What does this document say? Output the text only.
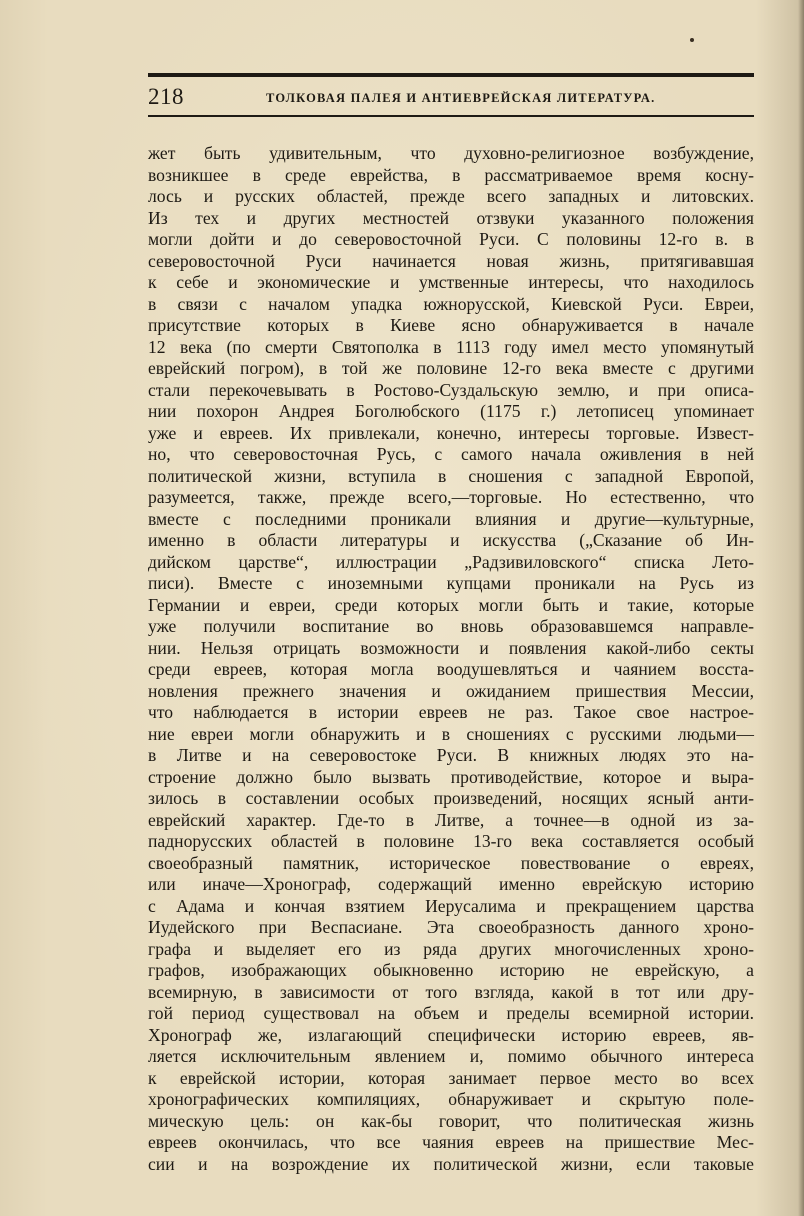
218	ТОЛКОВАЯ ПАЛЕЯ И АНТИЕВРЕЙСКАЯ ЛИТЕРАТУРА.
жет быть удивительным, что духовно-религиозное возбуждение,
возникшее в среде еврейства, в рассматриваемое время косну-
лось и русских областей, прежде всего западных и литовских.
Из тех и других местностей отзвуки указанного положения
могли дойти и до северовосточной Руси. С половины 12-го в. в
северовосточной Руси начинается новая жизнь, притягивавшая
к себе и экономические и умственные интересы, что находилось
в связи с началом упадка южнорусской, Киевской Руси. Евреи,
присутствие которых в Киеве ясно обнаруживается в начале
12 века (по смерти Святополка в 1113 году имел место упомянутый
еврейский погром), в той же половине 12-го века вместе с другими
стали перекочевывать в Ростово-Суздальскую землю, и при описа-
нии похорон Андрея Боголюбского (1175 г.) летописец упоминает
уже и евреев. Их привлекали, конечно, интересы торговые. Извест-
но, что северовосточная Русь, с самого начала оживления в ней
политической жизни, вступила в сношения с западной Европой,
разумеется, также, прежде всего,—торговые. Но естественно, что
вместе с последними проникали влияния и другие—культурные,
именно в области литературы и искусства („Сказание об Ин-
дийском царстве“, иллюстрации „Радзивиловского“ списка Лето-
писи). Вместе с иноземными купцами проникали на Русь из
Германии и евреи, среди которых могли быть и такие, которые
уже получили воспитание во вновь образовавшемся направле-
нии. Нельзя отрицать возможности и появления какой-либо секты
среди евреев, которая могла воодушевляться и чаянием восста-
новления прежнего значения и ожиданием пришествия Мессии,
что наблюдается в истории евреев не раз. Такое свое настрое-
ние евреи могли обнаружить и в сношениях с русскими людьми—
в Литве и на северовостоке Руси. В книжных людях это на-
строение должно было вызвать противодействие, которое и выра-
зилось в составлении особых произведений, носящих ясный анти-
еврейский характер. Где-то в Литве, а точнее—в одной из за-
паднорусских областей в половине 13-го века составляется особый
своеобразный памятник, историческое повествование о евреях,
или иначе—Хронограф, содержащий именно еврейскую историю
с Адама и кончая взятием Иерусалима и прекращением царства
Иудейского при Веспасиане. Эта своеобразность данного хроно-
графа и выделяет его из ряда других многочисленных хроно-
графов, изображающих обыкновенно историю не еврейскую, а
всемирную, в зависимости от того взгляда, какой в тот или дру-
гой период существовал на объем и пределы всемирной истории.
Хронограф же, излагающий специфически историю евреев, яв-
ляется исключительным явлением и, помимо обычного интереса
к еврейской истории, которая занимает первое место во всех
хронографических компиляциях, обнаруживает и скрытую поле-
мическую цель: он как-бы говорит, что политическая жизнь
евреев окончилась, что все чаяния евреев на пришествие Мес-
сии и на возрождение их политической жизни, если таковые
